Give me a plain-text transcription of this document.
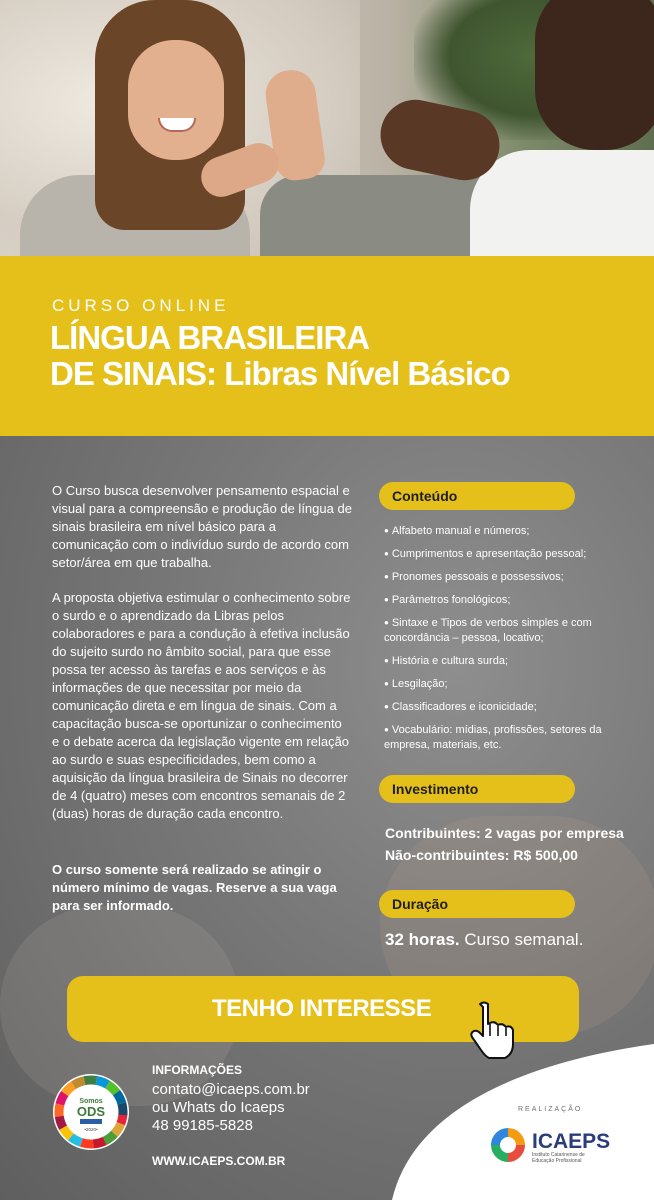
CURSO ONLINE
LÍNGUA BRASILEIRA
DE SINAIS: Libras Nível Básico

O Curso busca desenvolver pensamento espacial e visual para a compreensão e produção de língua de sinais brasileira em nível básico para a comunicação com o indivíduo surdo de acordo com setor/área em que trabalha.

A proposta objetiva estimular o conhecimento sobre o surdo e o aprendizado da Libras pelos colaboradores e para a condução à efetiva inclusão do sujeito surdo no âmbito social, para que esse possa ter acesso às tarefas e aos serviços e às informações de que necessitar por meio da comunicação direta e em língua de sinais. Com a capacitação busca-se oportunizar o conhecimento e o debate acerca da legislação vigente em relação ao surdo e suas especificidades, bem como a aquisição da língua brasileira de Sinais no decorrer de 4 (quatro) meses com encontros semanais de 2 (duas) horas de duração cada encontro.

O curso somente será realizado se atingir o número mínimo de vagas. Reserve a sua vaga para ser informado.

Conteúdo
● Alfabeto manual e números;
● Cumprimentos e apresentação pessoal;
● Pronomes pessoais e possessivos;
● Parâmetros fonológicos;
● Sintaxe e Tipos de verbos simples e com concordância – pessoa, locativo;
● História e cultura surda;
● Lesgilação;
● Classificadores e iconicidade;
● Vocabulário: mídias, profissões, setores da empresa, materiais, etc.
Investimento
Contribuintes: 2 vagas por empresa
Não-contribuintes: R$ 500,00
Duração
32 horas. Curso semanal.
TENHO INTERESSE
Somos
ODS
•2020•
INFORMAÇÕES
contato@icaeps.com.br
ou Whats do Icaeps
48 99185-5828
WWW.ICAEPS.COM.BR
REALIZAÇÃO
ICAEPS
Instituto Catarinense de Educação Profissional
